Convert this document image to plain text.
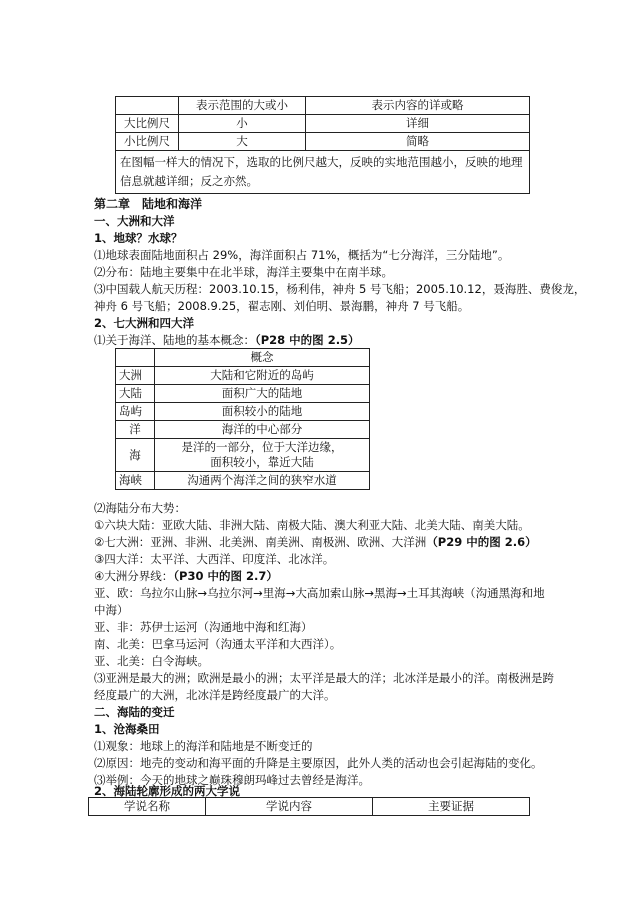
	表示范围的大或小	表示内容的详或略
大比例尺	小	详细
小比例尺	大	简略
在图幅一样大的情况下，选取的比例尺越大，反映的实地范围越小，反映的地理信息就越详细；反之亦然。		
第二章　陆地和海洋
一、大洲和大洋
1、地球？水球？
⑴地球表面陆地面积占 29%，海洋面积占 71%，概括为“七分海洋，三分陆地”。
⑵分布：陆地主要集中在北半球，海洋主要集中在南半球。
⑶中国载人航天历程：2003.10.15，杨利伟，神舟 5 号飞船；2005.10.12，聂海胜、费俊龙，
神舟 6 号飞船；2008.9.25，翟志刚、刘伯明、景海鹏，神舟 7 号飞船。
2、七大洲和四大洋
⑴关于海洋、陆地的基本概念：（P28 中的图 2.5）
	概念
大洲	大陆和它附近的岛屿
大陆	面积广大的陆地
岛屿	面积较小的陆地
洋	海洋的中心部分
海	是洋的一部分，位于大洋边缘，
面积较小，靠近大陆

海峡	沟通两个海洋之间的狭窄水道
⑵海陆分布大势：
①六块大陆：亚欧大陆、非洲大陆、南极大陆、澳大利亚大陆、北美大陆、南美大陆。
②七大洲：亚洲、非洲、北美洲、南美洲、南极洲、欧洲、大洋洲（P29 中的图 2.6）
③四大洋：太平洋、大西洋、印度洋、北冰洋。
④大洲分界线：（P30 中的图 2.7）
亚、欧：乌拉尔山脉→乌拉尔河→里海→大高加索山脉→黑海→土耳其海峡（沟通黑海和地
中海）
亚、非：苏伊士运河（沟通地中海和红海）
南、北美：巴拿马运河（沟通太平洋和大西洋）。
亚、北美：白令海峡。
⑶亚洲是最大的洲；欧洲是最小的洲；太平洋是最大的洋；北冰洋是最小的洋。南极洲是跨
经度最广的大洲，北冰洋是跨经度最广的大洋。
二、海陆的变迁
1、沧海桑田
⑴观象：地球上的海洋和陆地是不断变迁的
⑵原因：地壳的变动和海平面的升降是主要原因，此外人类的活动也会引起海陆的变化。
⑶举例：今天的地球之巅珠穆朗玛峰过去曾经是海洋。
2、海陆轮廓形成的两大学说
学说名称	学说内容	主要证据
